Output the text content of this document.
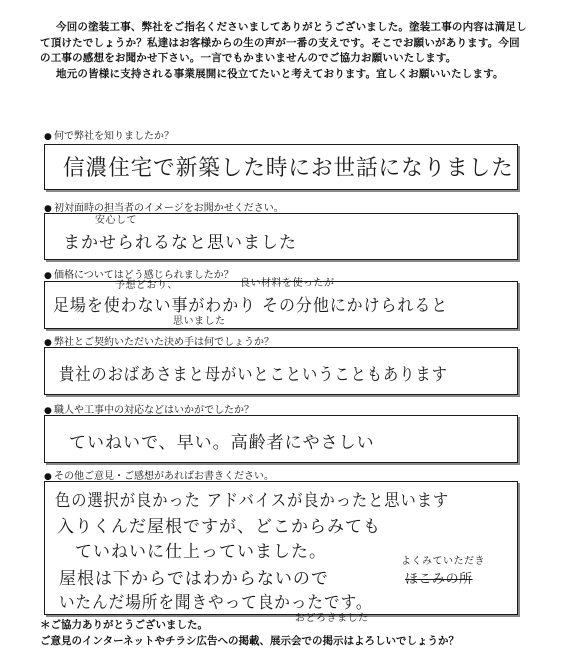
今回の塗装工事、弊社をご指名くださいましてありがとうございました。塗装工事の内容は満足して頂けたでしょうか？私達はお客様からの生の声が一番の支えです。そこでお願いがあります。今回の工事の感想をお聞かせ下さい。一言でもかまいませんのでご協力お願いいたします。

地元の皆様に支持される事業展開に役立てたいと考えております。宜しくお願いいたします。

● 何で弊社を知りましたか？
信濃住宅で新築した時にお世話になりました
● 初対面時の担当者のイメージをお聞かせください。
安心して
まかせられるなと思いました
● 価格についてはどう感じられましたか？
予想どおり、	良い材料を使ったが
足場を使わない事がわかり その分他にかけられると
思いました
● 弊社とご契約いただいた決め手は何でしょうか？
貴社のおばあさまと母がいとこということもあります
● 職人や工事中の対応などはいかがでしたか？
ていねいで、早い。高齢者にやさしい
● その他ご意見・ご感想があればお書きください。
色の選択が良かった アドバイスが良かったと思います
入りくんだ屋根ですが、どこからみても
ていねいに仕上っていました。	よくみていただき
屋根は下からではわからないので	ほこみの所
いたんだ場所を聞きやって良かったです。
おどろきました
＊ご協力ありがとうございました。
ご意見のインターネットやチラシ広告への掲載、展示会での掲示はよろしいでしょうか？
